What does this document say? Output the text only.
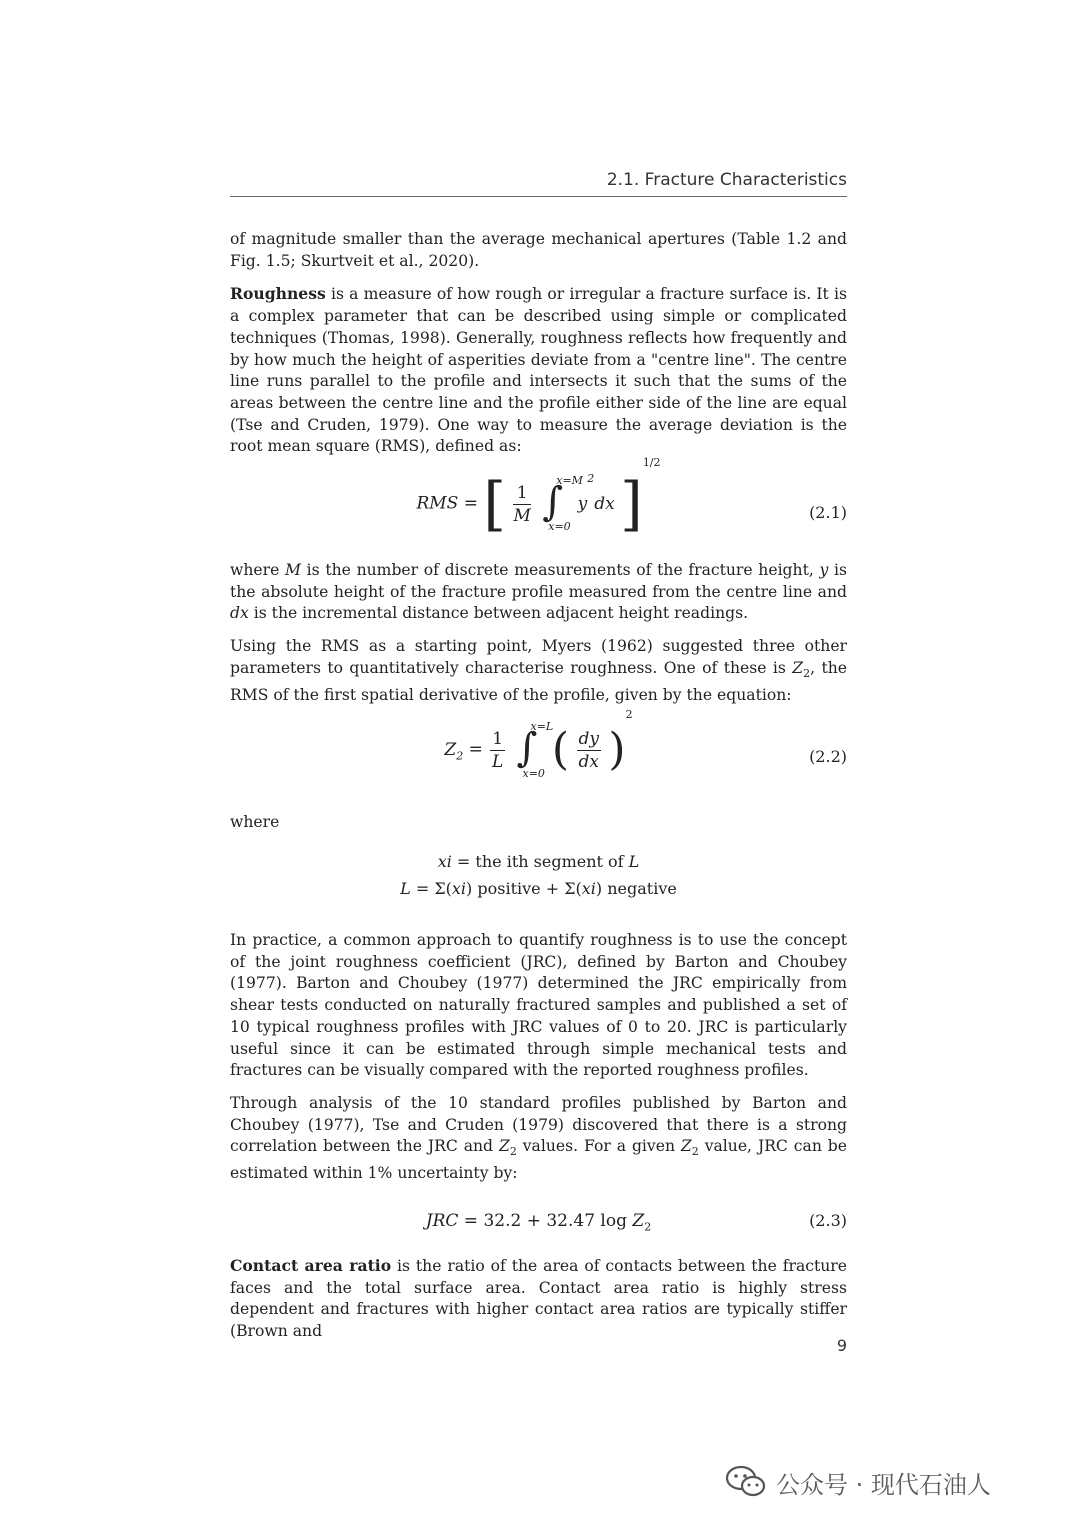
2.1. Fracture Characteristics

of magnitude smaller than the average mechanical apertures (Table 1.2 and Fig. 1.5; Skurtveit et al., 2020).

Roughness is a measure of how rough or irregular a fracture surface is. It is a complex parameter that can be described using simple or complicated techniques (Thomas, 1998). Generally, roughness reflects how frequently and by how much the height of asperities deviate from a "centre line". The centre line runs parallel to the profile and intersects it such that the sums of the areas between the centre line and the profile either side of the line are equal (Tse and Cruden, 1979). One way to measure the average deviation is the root mean square (RMS), defined as:

RMS = [ $\frac{1}{M}$
∫
x=M
x=0
$y^2dx$ ]$^{1/2}$
(2.1)

where M is the number of discrete measurements of the fracture height, y is the absolute height of the fracture profile measured from the centre line and dx is the incremental distance between adjacent height readings.

Using the RMS as a starting point, Myers (1962) suggested three other parameters to quantitatively characterise roughness. One of these is $Z_2$, the RMS of the first spatial derivative of the profile, given by the equation:

$Z_2 = \frac{1}{L}$
∫
x=L
x=0 ( $\frac{dy}{dx} )^2$
(2.2)

where

xi = the ith segment of L
L = Σ(xi) positive + Σ(xi) negative

In practice, a common approach to quantify roughness is to use the concept of the joint roughness coefficient (JRC), defined by Barton and Choubey (1977). Barton and Choubey (1977) determined the JRC empirically from shear tests conducted on naturally fractured samples and published a set of 10 typical roughness profiles with JRC values of 0 to 20. JRC is particularly useful since it can be estimated through simple mechanical tests and fractures can be visually compared with the reported roughness profiles.

Through analysis of the 10 standard profiles published by Barton and Choubey (1977), Tse and Cruden (1979) discovered that there is a strong correlation between the JRC and $Z_2$ values. For a given $Z_2$ value, JRC can be estimated within 1% uncertainty by:

JRC = 32.2 + 32.47 $\log Z_2$	(2.3)

Contact area ratio is the ratio of the area of contacts between the fracture faces and the total surface area. Contact area ratio is highly stress dependent and fractures with higher contact area ratios are typically stiffer (Brown and

9
公众号 · 现代石油人
